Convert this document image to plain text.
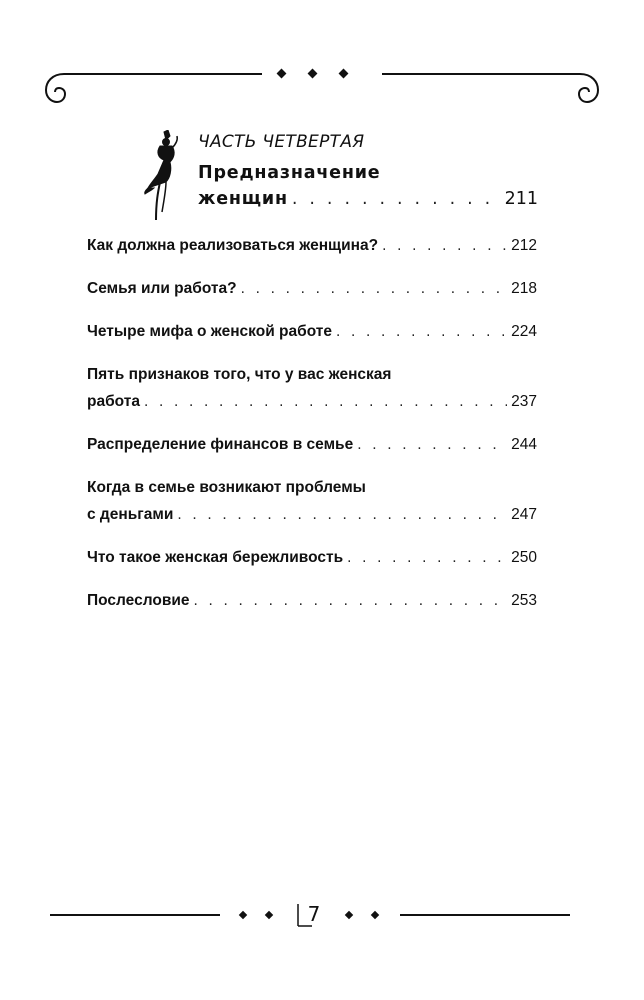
ЧАСТЬ ЧЕТВЕРТАЯ
Предназначение
женщин . . .	211
Как должна реализоваться женщина? . . .	212
Семья или работа? . . .	218
Четыре мифа о женской работе . . .	224
Пять признаков того, что у вас женская
работа . . .	237
Распределение финансов в семье . . .	244
Когда в семье возникают проблемы
с деньгами . . .	247
Что такое женская бережливость . . .	250
Послесловие . . .	253
7
